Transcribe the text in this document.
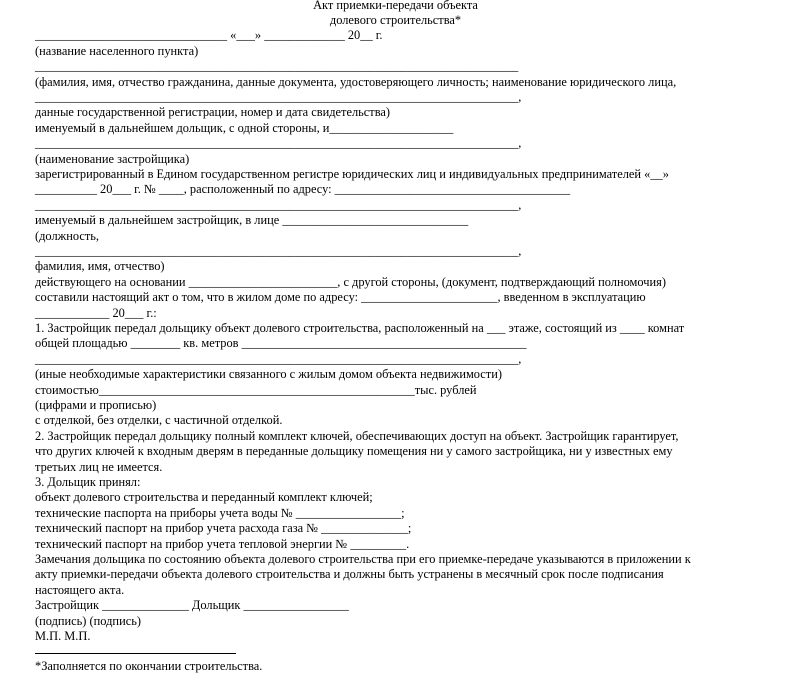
Акт приемки-передачи объекта
долевого строительства*
_______________________________ «___» _____________ 20__ г.
(название населенного пункта)
______________________________________________________________________________
(фамилия, имя, отчество гражданина, данные документа, удостоверяющего личность; наименование юридического лица,
______________________________________________________________________________,
данные государственной регистрации, номер и дата свидетельства)
именуемый в дальнейшем дольщик, с одной стороны, и____________________
______________________________________________________________________________,
(наименование застройщика)
зарегистрированный в Едином государственном регистре юридических лиц и индивидуальных предпринимателей «__»
__________ 20___ г. № ____, расположенный по адресу: ______________________________________
______________________________________________________________________________,
именуемый в дальнейшем застройщик, в лице ______________________________
(должность,
______________________________________________________________________________,
фамилия, имя, отчество)
действующего на основании ________________________, с другой стороны, (документ, подтверждающий полномочия)
составили настоящий акт о том, что в жилом доме по адресу: ______________________, введенном в эксплуатацию
____________ 20___ г.:
1. Застройщик передал дольщику объект долевого строительства, расположенный на ___ этаже, состоящий из ____ комнат
общей площадью ________ кв. метров ______________________________________________
______________________________________________________________________________,
(иные необходимые характеристики связанного с жилым домом объекта недвижимости)
стоимостью___________________________________________________тыс. рублей
(цифрами и прописью)
с отделкой, без отделки, с частичной отделкой.
2. Застройщик передал дольщику полный комплект ключей, обеспечивающих доступ на объект. Застройщик гарантирует,
что других ключей к входным дверям в переданные дольщику помещения ни у самого застройщика, ни у известных ему
третьих лиц не имеется.
3. Дольщик принял:
объект долевого строительства и переданный комплект ключей;
технические паспорта на приборы учета воды № _________________;
технический паспорт на прибор учета расхода газа № ______________;
технический паспорт на прибор учета тепловой энергии № _________.
Замечания дольщика по состоянию объекта долевого строительства при его приемке-передаче указываются в приложении к
акту приемки-передачи объекта долевого строительства и должны быть устранены в месячный срок после подписания
настоящего акта.
Застройщик ______________ Дольщик _________________
(подпись) (подпись)
М.П. М.П.
*Заполняется по окончании строительства.
